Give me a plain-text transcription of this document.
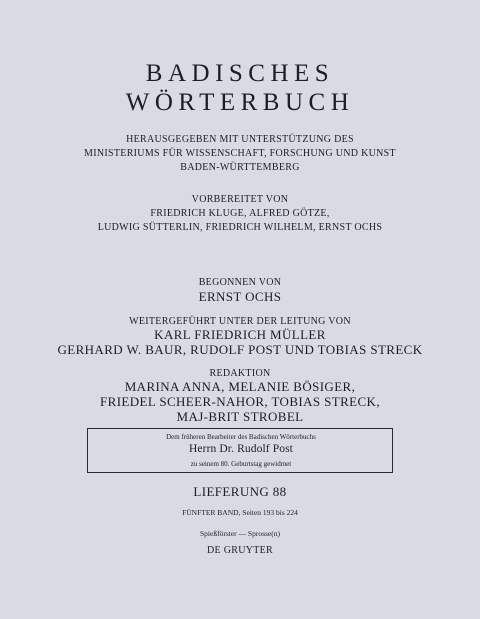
BADISCHES
WÖRTERBUCH
HERAUSGEGEBEN MIT UNTERSTÜTZUNG DES
MINISTERIUMS FÜR WISSENSCHAFT, FORSCHUNG UND KUNST
BADEN-WÜRTTEMBERG
VORBEREITET VON
FRIEDRICH KLUGE, ALFRED GÖTZE,
LUDWIG SÜTTERLIN, FRIEDRICH WILHELM, ERNST OCHS
BEGONNEN VON
ERNST OCHS
WEITERGEFÜHRT UNTER DER LEITUNG VON
KARL FRIEDRICH MÜLLER
GERHARD W. BAUR, RUDOLF POST UND TOBIAS STRECK
REDAKTION
MARINA ANNA, MELANIE BÖSIGER,
FRIEDEL SCHEER-NAHOR, TOBIAS STRECK,
MAJ-BRIT STROBEL
Dem früheren Bearbeiter des Badischen Wörterbuchs
Herrn Dr. Rudolf Post
zu seinem 80. Geburtstag gewidmet
LIEFERUNG 88
FÜNFTER BAND, Seiten 193 bis 224
Spießförster — Sprosse(n)
DE GRUYTER
